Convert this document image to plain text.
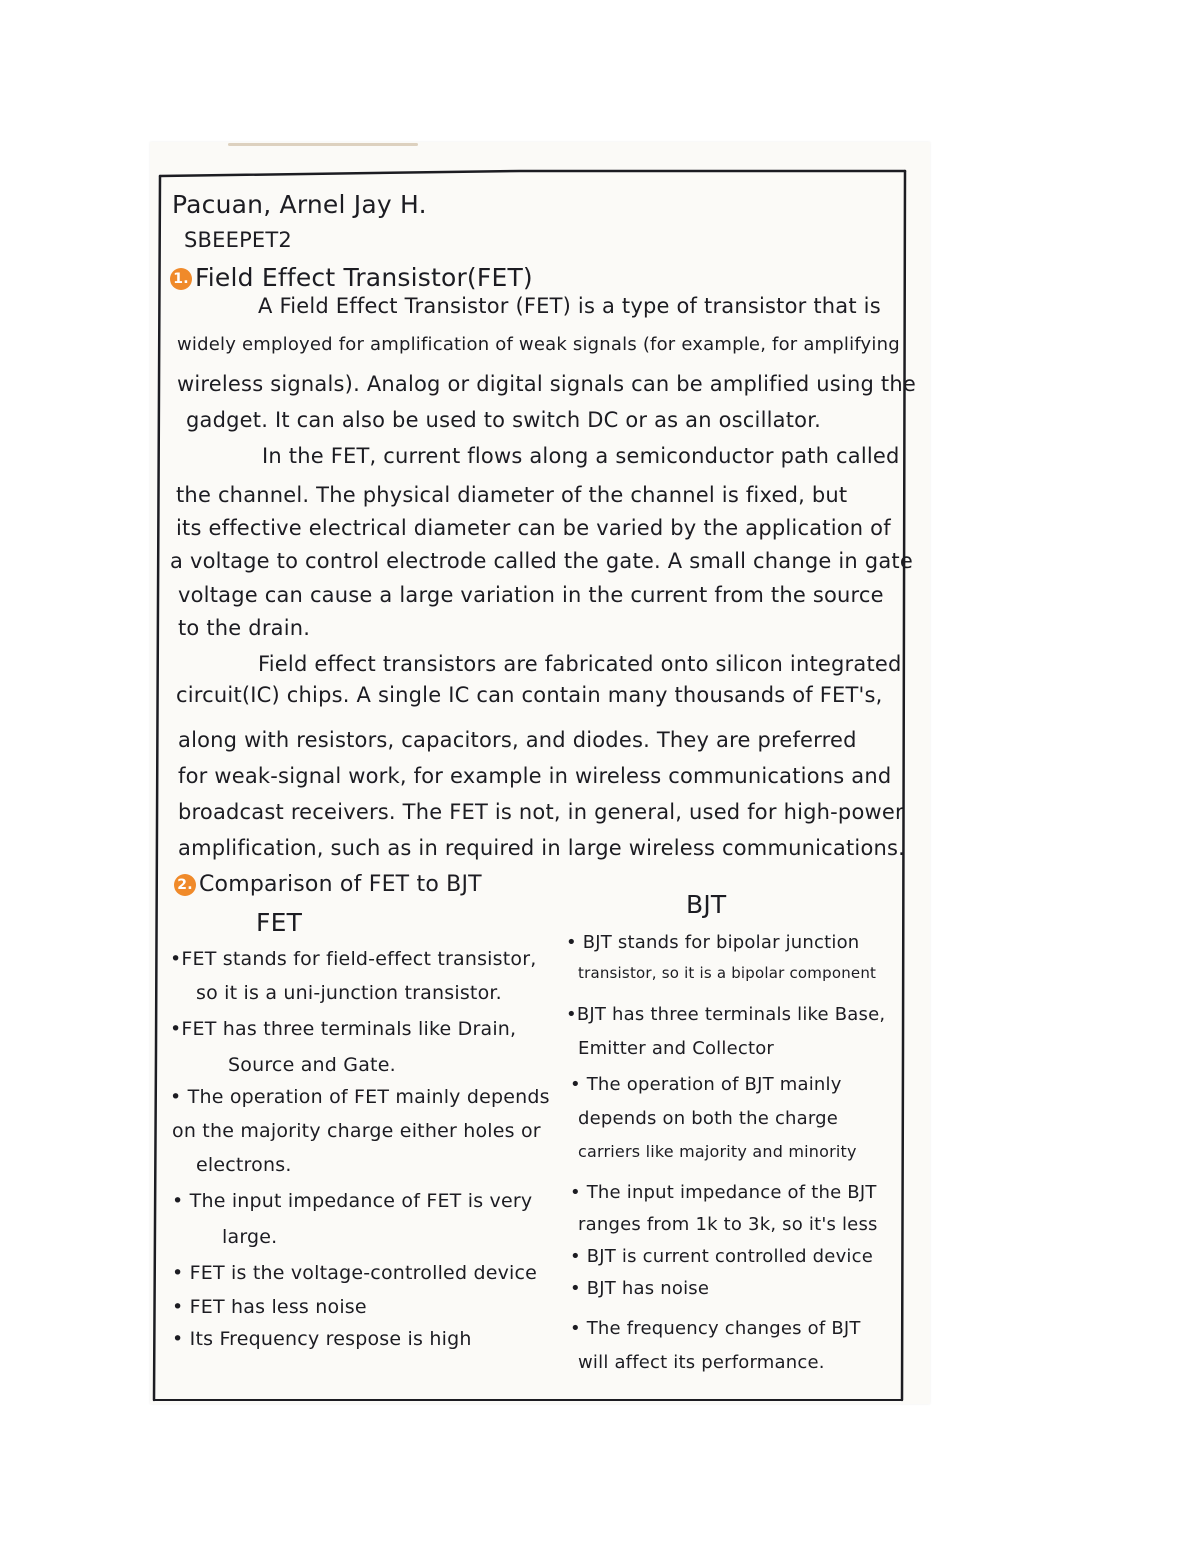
Pacuan, Arnel Jay H.
SBEEPET2
1. Field Effect Transistor(FET)
A Field Effect Transistor (FET) is a type of transistor that is
widely employed for amplification of weak signals (for example, for amplifying
wireless signals). Analog or digital signals can be amplified using the
gadget. It can also be used to switch DC or as an oscillator.
In the FET, current flows along a semiconductor path called
the channel. The physical diameter of the channel is fixed, but
its effective electrical diameter can be varied by the application of
a voltage to control electrode called the gate. A small change in gate
voltage can cause a large variation in the current from the source
to the drain.
Field effect transistors are fabricated onto silicon integrated
circuit(IC) chips. A single IC can contain many thousands of FET's,
along with resistors, capacitors, and diodes. They are preferred
for weak-signal work, for example in wireless communications and
broadcast receivers. The FET is not, in general, used for high-power
amplification, such as in required in large wireless communications.
2. Comparison of FET to BJT
FET
BJT
•FET stands for field-effect transistor,
so it is a uni-junction transistor.
•FET has three terminals like Drain,
Source and Gate.
• The operation of FET mainly depends
on the majority charge either holes or
electrons.
• The input impedance of FET is very
large.
• FET is the voltage-controlled device
• FET has less noise
• Its Frequency respose is high
• BJT stands for bipolar junction
transistor, so it is a bipolar component
•BJT has three terminals like Base,
Emitter and Collector
• The operation of BJT mainly
depends on both the charge
carriers like majority and minority
• The input impedance of the BJT
ranges from 1k to 3k, so it's less
• BJT is current controlled device
• BJT has noise
• The frequency changes of BJT
will affect its performance.
